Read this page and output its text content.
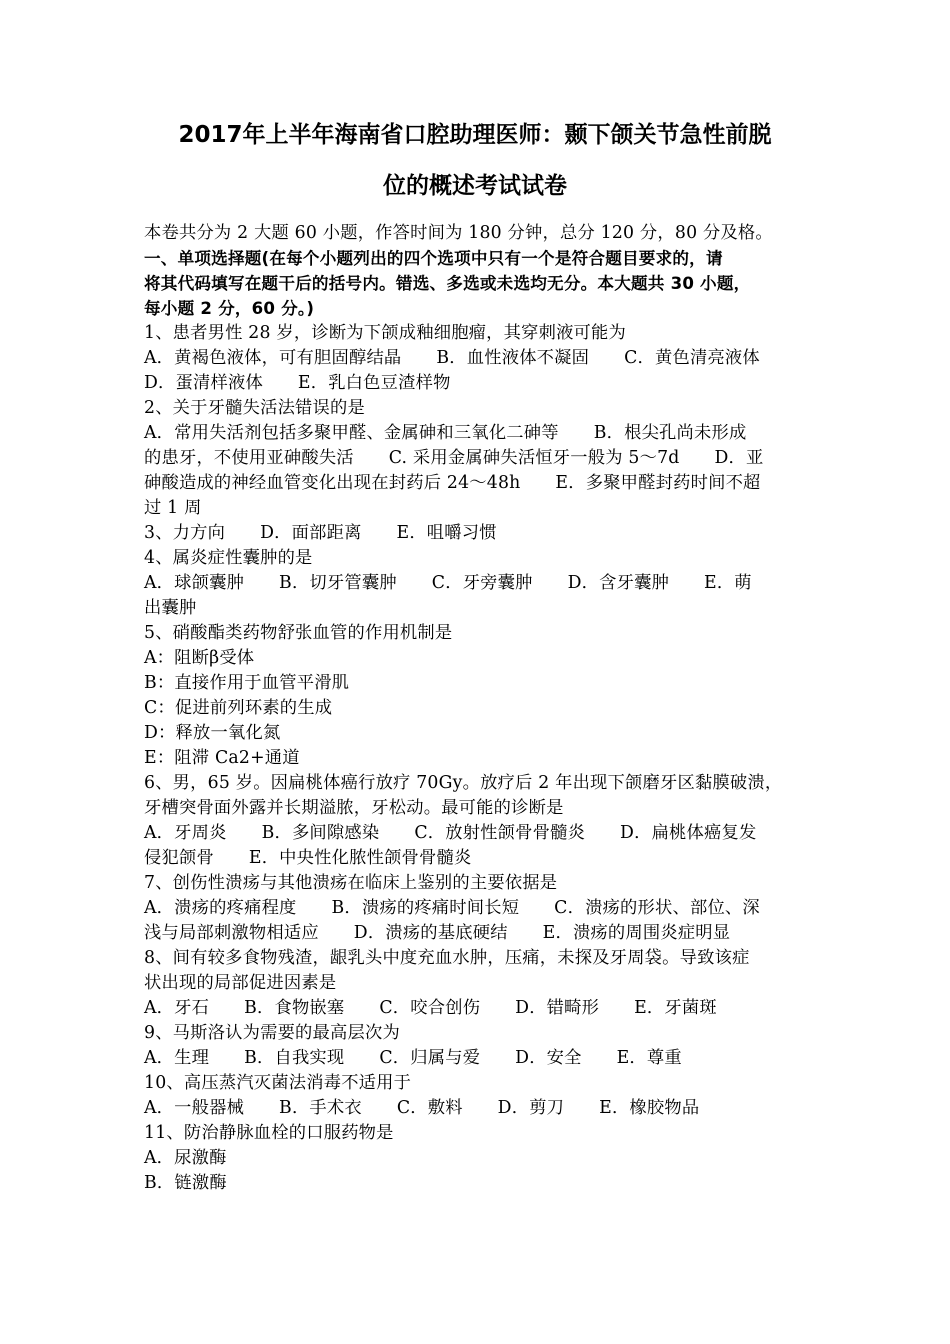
2017年上半年海南省口腔助理医师：颞下颌关节急性前脱
位的概述考试试卷

本卷共分为 2 大题 60 小题，作答时间为 180 分钟，总分 120 分，80 分及格。

一、单项选择题(在每个小题列出的四个选项中只有一个是符合题目要求的，请

将其代码填写在题干后的括号内。错选、多选或未选均无分。本大题共 30 小题，

每小题 2 分，60 分。)

1、患者男性 28 岁，诊断为下颌成釉细胞瘤，其穿刺液可能为

A．黄褐色液体，可有胆固醇结晶　　B．血性液体不凝固　　C．黄色清亮液体

D．蛋清样液体　　E．乳白色豆渣样物

2、关于牙髓失活法错误的是

A．常用失活剂包括多聚甲醛、金属砷和三氧化二砷等　　B．根尖孔尚未形成

的患牙，不使用亚砷酸失活　　C. 采用金属砷失活恒牙一般为 5～7d　　D．亚

砷酸造成的神经血管变化出现在封药后 24～48h　　E．多聚甲醛封药时间不超

过 1 周

3、力方向　　D．面部距离　　E．咀嚼习惯

4、属炎症性囊肿的是

A．球颌囊肿　　B．切牙管囊肿　　C．牙旁囊肿　　D．含牙囊肿　　E．萌

出囊肿

5、硝酸酯类药物舒张血管的作用机制是

A：阻断β受体

B：直接作用于血管平滑肌

C：促进前列环素的生成

D：释放一氧化氮

E：阻滞 Ca2+通道

6、男，65 岁。因扁桃体癌行放疗 70Gy。放疗后 2 年出现下颌磨牙区黏膜破溃，

牙槽突骨面外露并长期溢脓，牙松动。最可能的诊断是

A．牙周炎　　B．多间隙感染　　C．放射性颌骨骨髓炎　　D．扁桃体癌复发

侵犯颌骨　　E．中央性化脓性颌骨骨髓炎

7、创伤性溃疡与其他溃疡在临床上鉴别的主要依据是

A．溃疡的疼痛程度　　B．溃疡的疼痛时间长短　　C．溃疡的形状、部位、深

浅与局部刺激物相适应　　D．溃疡的基底硬结　　E．溃疡的周围炎症明显

8、间有较多食物残渣，龈乳头中度充血水肿，压痛，未探及牙周袋。导致该症

状出现的局部促进因素是

A．牙石　　B．食物嵌塞　　C．咬合创伤　　D．错畸形　　E．牙菌斑

9、马斯洛认为需要的最高层次为

A．生理　　B．自我实现　　C．归属与爱　　D．安全　　E．尊重

10、高压蒸汽灭菌法消毒不适用于

A．一般器械　　B．手术衣　　C．敷料　　D．剪刀　　E．橡胶物品

11、防治静脉血栓的口服药物是

A．尿激酶

B．链激酶
